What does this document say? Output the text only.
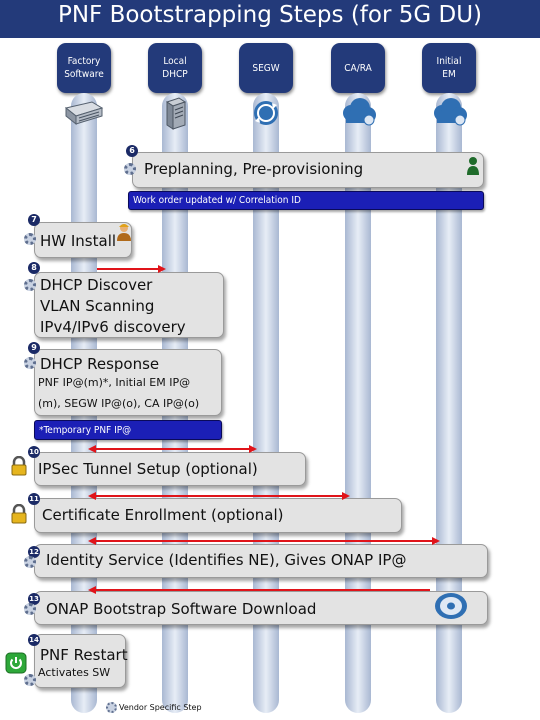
PNF Bootstrapping Steps (for 5G DU)
Factory
Software
Local
DHCP
SEGW	CA/RA
Initial
EM
6
Preplanning, Pre-provisioning
Work order updated w/ Correlation ID
7
HW Install
8
DHCP Discover
VLAN Scanning
IPv4/IPv6 discovery
9
DHCP Response
PNF IP@(m)*, Initial EM IP@
(m), SEGW IP@(o), CA IP@(o)
*Temporary PNF IP@
10
IPSec Tunnel Setup (optional)
11
Certificate Enrollment (optional)
12 Identity Service (Identifies NE), Gives ONAP IP@
13
ONAP Bootstrap Software Download
14
PNF Restart
Activates SW
Vendor Specific Step
